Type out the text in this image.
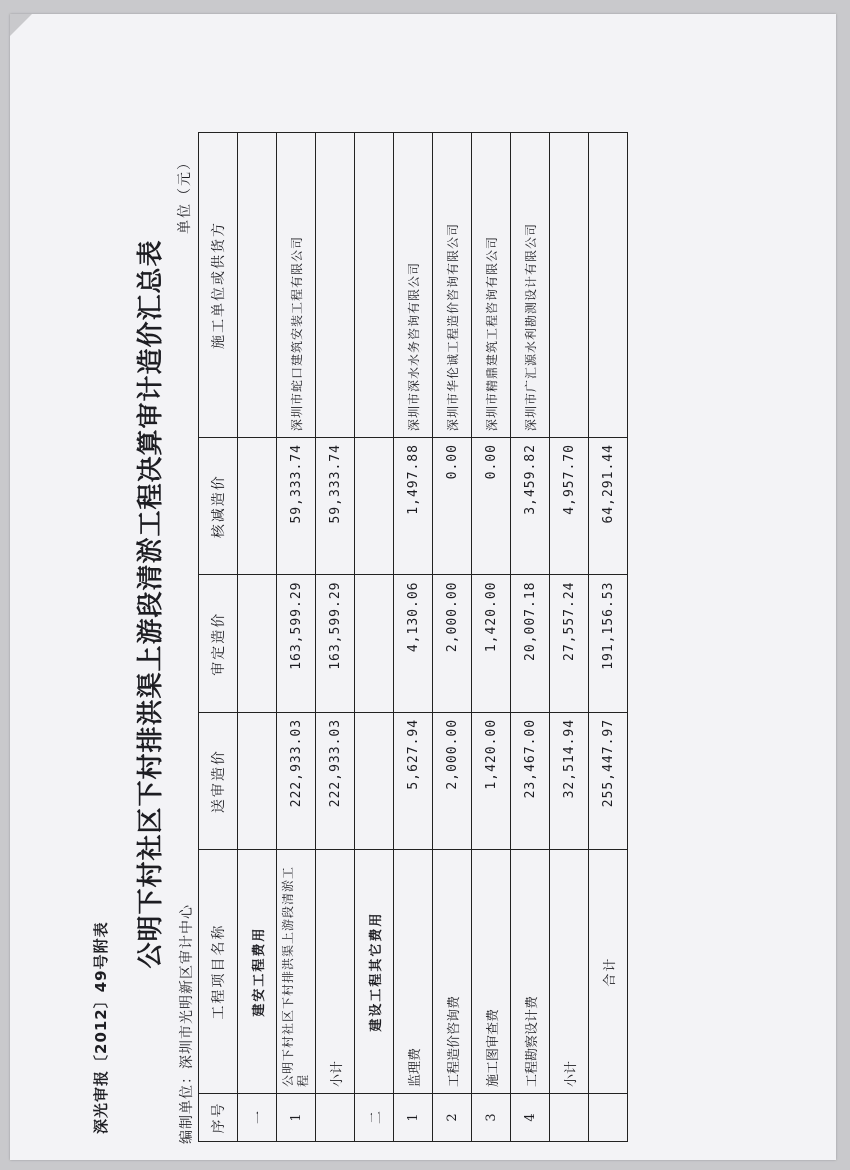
深光审报〔2012〕49号附表
公明下村社区下村排洪渠上游段清淤工程决算审计造价汇总表
编制单位：深圳市光明新区审计中心
单位（元）
序号	工程项目名称	送审造价	审定造价	核减造价	施工单位或供货方
一	建安工程费用				
1	公明下村社区下村排洪渠上游段清淤工程	222,933.03	163,599.29	59,333.74	深圳市蛇口建筑安装工程有限公司
	小计	222,933.03	163,599.29	59,333.74	
二	建设工程其它费用				
1	监理费	5,627.94	4,130.06	1,497.88	深圳市深水水务咨询有限公司
2	工程造价咨询费	2,000.00	2,000.00	0.00	深圳市华伦诚工程造价咨询有限公司
3	施工图审查费	1,420.00	1,420.00	0.00	深圳市精鼎建筑工程咨询有限公司
4	工程勘察设计费	23,467.00	20,007.18	3,459.82	深圳市广汇源水利勘测设计有限公司
	小计	32,514.94	27,557.24	4,957.70	
	合计	255,447.97	191,156.53	64,291.44	
